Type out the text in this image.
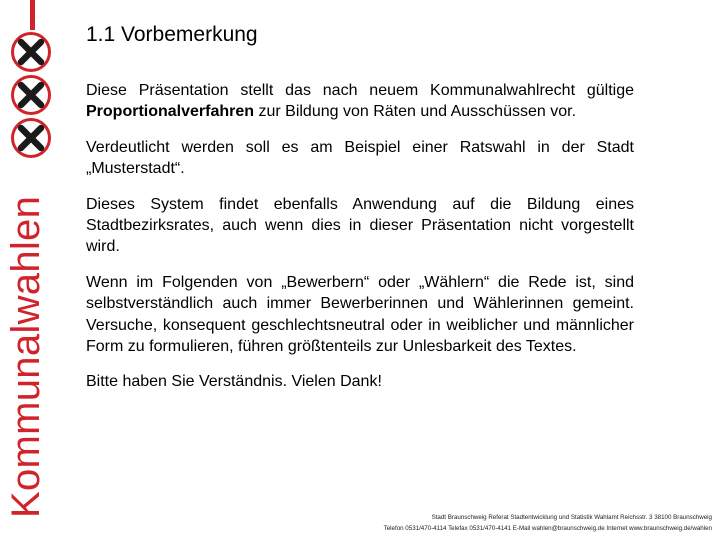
Kommunalwahlen
1.1 Vorbemerkung

Diese Präsentation stellt das nach neuem Kommunalwahlrecht gültige Proportionalverfahren zur Bildung von Räten und Ausschüssen vor.

Verdeutlicht werden soll es am Beispiel einer Ratswahl in der Stadt „Musterstadt“.

Dieses System findet ebenfalls Anwendung auf die Bildung eines Stadtbezirksrates, auch wenn dies in dieser Präsentation nicht vorgestellt wird.

Wenn im Folgenden von „Bewerbern“ oder „Wählern“ die Rede ist, sind selbstverständlich auch immer Bewerberinnen und Wählerinnen gemeint. Versuche, konsequent geschlechtsneutral oder in weiblicher und männlicher Form zu formulieren, führen größtenteils zur Unlesbarkeit des Textes.

Bitte haben Sie Verständnis. Vielen Dank!

Stadt Braunschweig Referat Stadtentwicklung und Statistik Wahlamt Reichsstr. 3 38100 Braunschweig
Telefon 0531/470-4114 Telefax 0531/470-4141 E-Mail wahlen@braunschweig.de Internet www.braunschweig.de/wahlen
